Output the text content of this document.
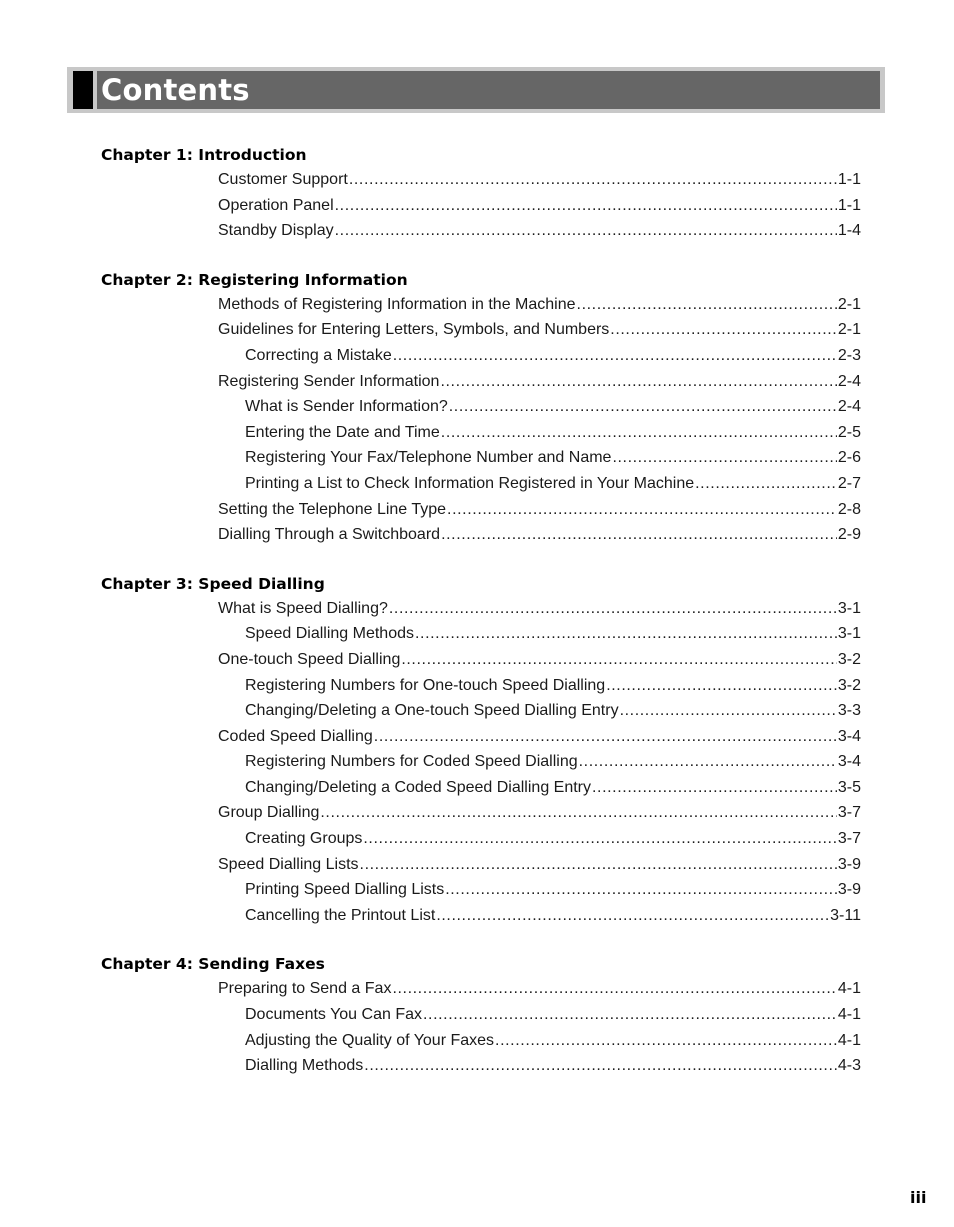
Contents
Chapter 1: Introduction
Customer Support .....	1-1
Operation Panel .....	1-1
Standby Display .....	1-4
Chapter 2: Registering Information
Methods of Registering Information in the Machine .....	2-1
Guidelines for Entering Letters, Symbols, and Numbers .....	2-1
Correcting a Mistake .....	2-3
Registering Sender Information .....	2-4
What is Sender Information? .....	2-4
Entering the Date and Time .....	2-5
Registering Your Fax/Telephone Number and Name .....	2-6
Printing a List to Check Information Registered in Your Machine .....	2-7
Setting the Telephone Line Type .....	2-8
Dialling Through a Switchboard .....	2-9
Chapter 3: Speed Dialling
What is Speed Dialling? .....	3-1
Speed Dialling Methods .....	3-1
One-touch Speed Dialling .....	3-2
Registering Numbers for One-touch Speed Dialling .....	3-2
Changing/Deleting a One-touch Speed Dialling Entry .....	3-3
Coded Speed Dialling .....	3-4
Registering Numbers for Coded Speed Dialling .....	3-4
Changing/Deleting a Coded Speed Dialling Entry .....	3-5
Group Dialling .....	3-7
Creating Groups .....	3-7
Speed Dialling Lists .....	3-9
Printing Speed Dialling Lists .....	3-9
Cancelling the Printout List .....	3-11
Chapter 4: Sending Faxes
Preparing to Send a Fax .....	4-1
Documents You Can Fax .....	4-1
Adjusting the Quality of Your Faxes .....	4-1
Dialling Methods .....	4-3
iii
